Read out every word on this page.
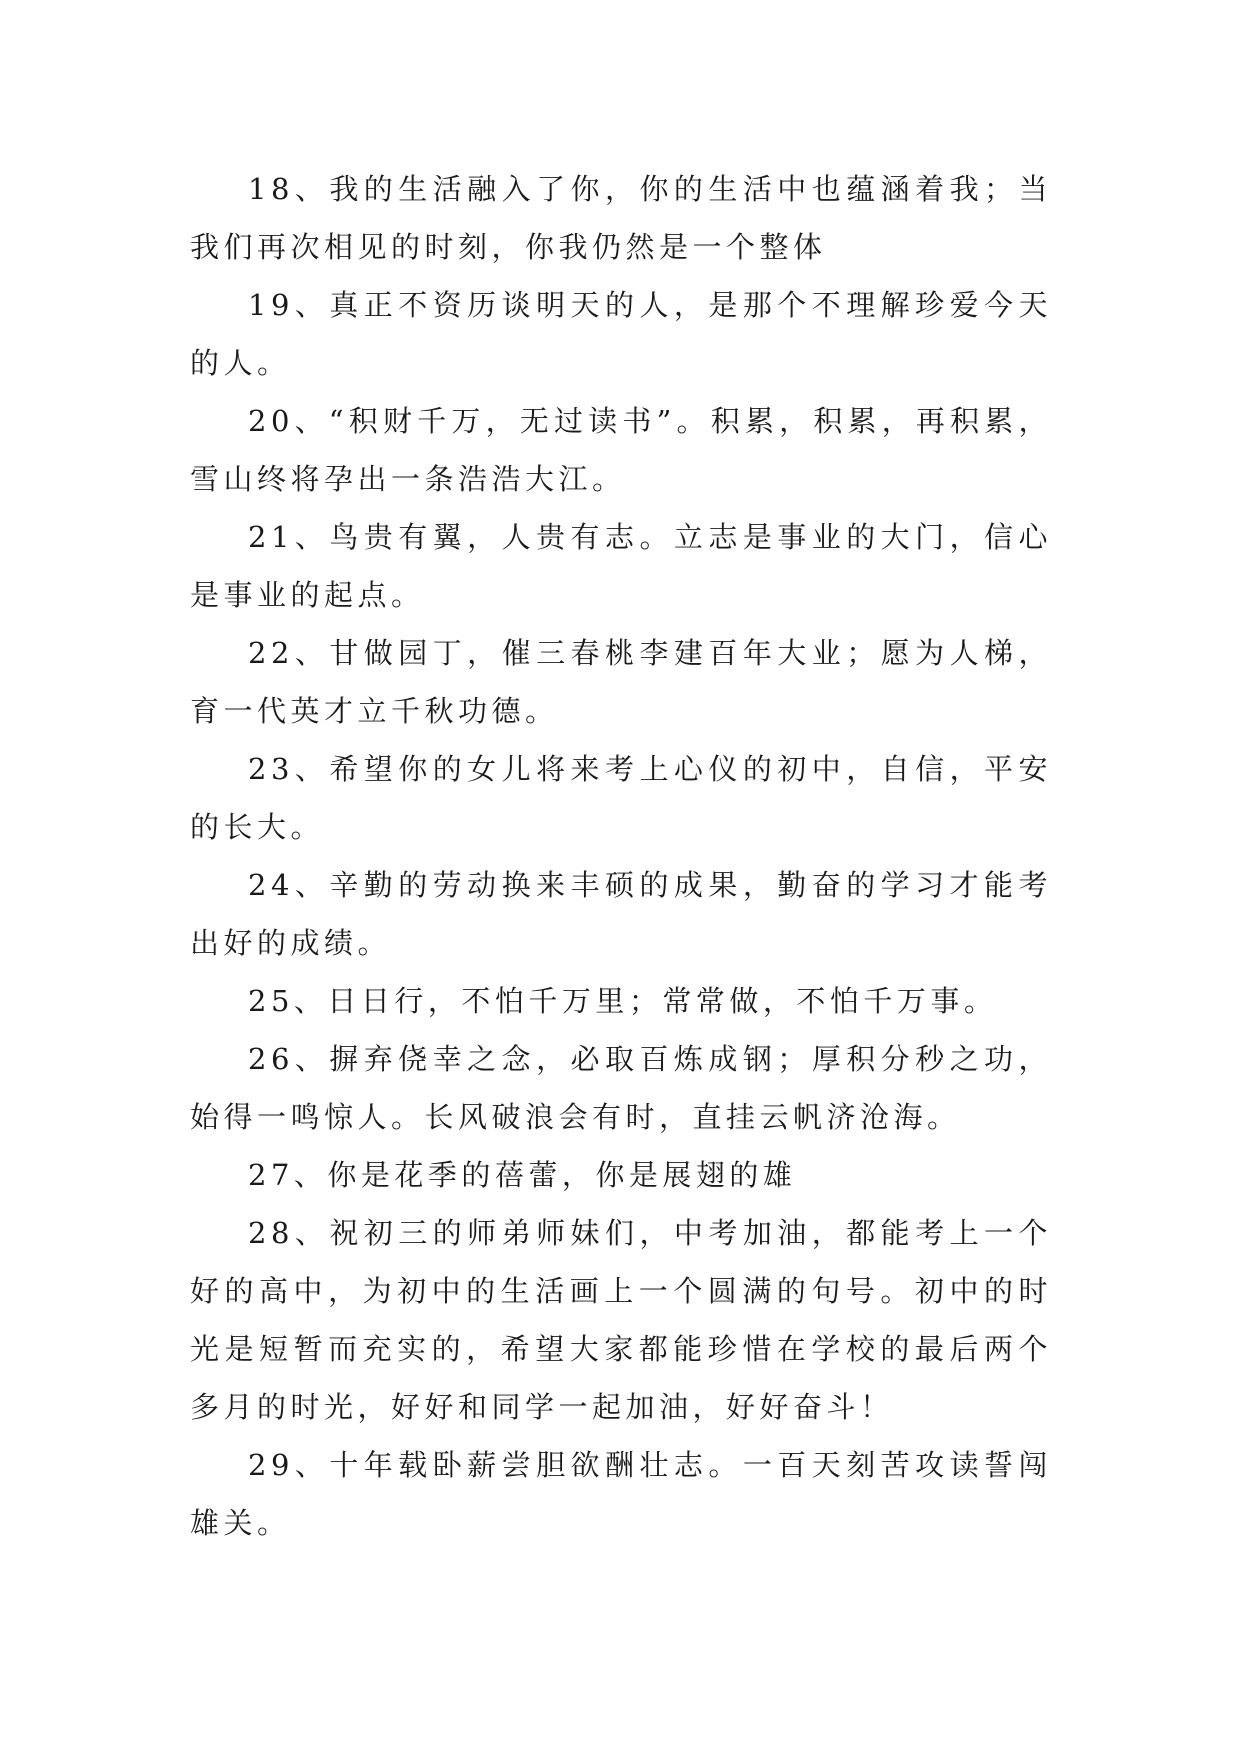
18、我的生活融入了你，你的生活中也蕴涵着我；当我们再次相见的时刻，你我仍然是一个整体

19、真正不资历谈明天的人，是那个不理解珍爱今天的人。

20、“积财千万，无过读书”。积累，积累，再积累，雪山终将孕出一条浩浩大江。

21、鸟贵有翼，人贵有志。立志是事业的大门，信心是事业的起点。

22、甘做园丁，催三春桃李建百年大业；愿为人梯，育一代英才立千秋功德。

23、希望你的女儿将来考上心仪的初中，自信，平安的长大。

24、辛勤的劳动换来丰硕的成果，勤奋的学习才能考出好的成绩。

25、日日行，不怕千万里；常常做，不怕千万事。

26、摒弃侥幸之念，必取百炼成钢；厚积分秒之功，始得一鸣惊人。长风破浪会有时，直挂云帆济沧海。

27、你是花季的蓓蕾，你是展翅的雄

28、祝初三的师弟师妹们，中考加油，都能考上一个好的高中，为初中的生活画上一个圆满的句号。初中的时光是短暂而充实的，希望大家都能珍惜在学校的最后两个多月的时光，好好和同学一起加油，好好奋斗！

29、十年载卧薪尝胆欲酬壮志。一百天刻苦攻读誓闯雄关。
